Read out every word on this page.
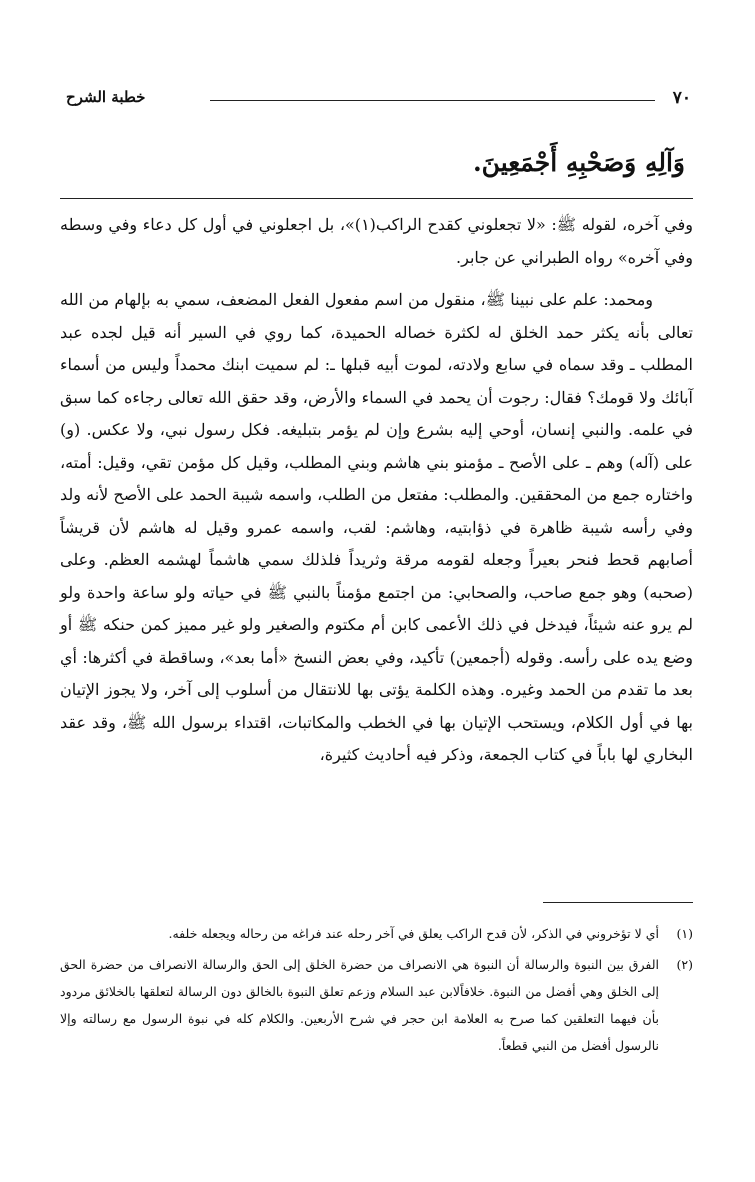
٧٠
خطبة الشرح
وَآلِهِ وَصَحْبِهِ أَجْمَعِينَ.

وفي آخره، لقوله ﷺ: «لا تجعلوني كقدح الراكب(١)»، بل اجعلوني في أول كل دعاء وفي وسطه وفي آخره» رواه الطبراني عن جابر.

ومحمد: علم على نبينا ﷺ، منقول من اسم مفعول الفعل المضعف، سمي به بإلهام من الله تعالى بأنه يكثر حمد الخلق له لكثرة خصاله الحميدة، كما روي في السير أنه قيل لجده عبد المطلب ـ وقد سماه في سابع ولادته، لموت أبيه قبلها ـ: لم سميت ابنك محمداً وليس من أسماء آبائك ولا قومك؟ فقال: رجوت أن يحمد في السماء والأرض، وقد حقق الله تعالى رجاءه كما سبق في علمه. والنبي إنسان، أوحي إليه بشرع وإن لم يؤمر بتبليغه. فكل رسول نبي، ولا عكس. (و) على (آله) وهم ـ على الأصح ـ مؤمنو بني هاشم وبني المطلب، وقيل كل مؤمن تقي، وقيل: أمته، واختاره جمع من المحققين. والمطلب: مفتعل من الطلب، واسمه شيبة الحمد على الأصح لأنه ولد وفي رأسه شيبة ظاهرة في ذؤابتيه، وهاشم: لقب، واسمه عمرو وقيل له هاشم لأن قريشاً أصابهم قحط فنحر بعيراً وجعله لقومه مرقة وثريداً فلذلك سمي هاشماً لهشمه العظم. وعلى (صحبه) وهو جمع صاحب، والصحابي: من اجتمع مؤمناً بالنبي ﷺ في حياته ولو ساعة واحدة ولو لم يرو عنه شيئاً، فيدخل في ذلك الأعمى كابن أم مكتوم والصغير ولو غير مميز كمن حنكه ﷺ أو وضع يده على رأسه. وقوله (أجمعين) تأكيد، وفي بعض النسخ «أما بعد»، وساقطة في أكثرها: أي بعد ما تقدم من الحمد وغيره. وهذه الكلمة يؤتى بها للانتقال من أسلوب إلى آخر، ولا يجوز الإتيان بها في أول الكلام، ويستحب الإتيان بها في الخطب والمكاتبات، اقتداء برسول الله ﷺ، وقد عقد البخاري لها باباً في كتاب الجمعة، وذكر فيه أحاديث كثيرة،

(١)
أي لا تؤخروني في الذكر، لأن قدح الراكب يعلق في آخر رحله عند فراغه من رحاله ويجعله خلفه.
(٢)
الفرق بين النبوة والرسالة أن النبوة هي الانصراف من حضرة الخلق إلى الحق والرسالة الانصراف من حضرة الحق إلى الخلق وهي أفضل من النبوة. خلافاًلابن عبد السلام وزعم تعلق النبوة بالخالق دون الرسالة لتعلقها بالخلائق مردود بأن فيهما التعلقين كما صرح به العلامة ابن حجر في شرح الأربعين. والكلام كله في نبوة الرسول مع رسالته وإلا نالرسول أفضل من النبي قطعاً.
